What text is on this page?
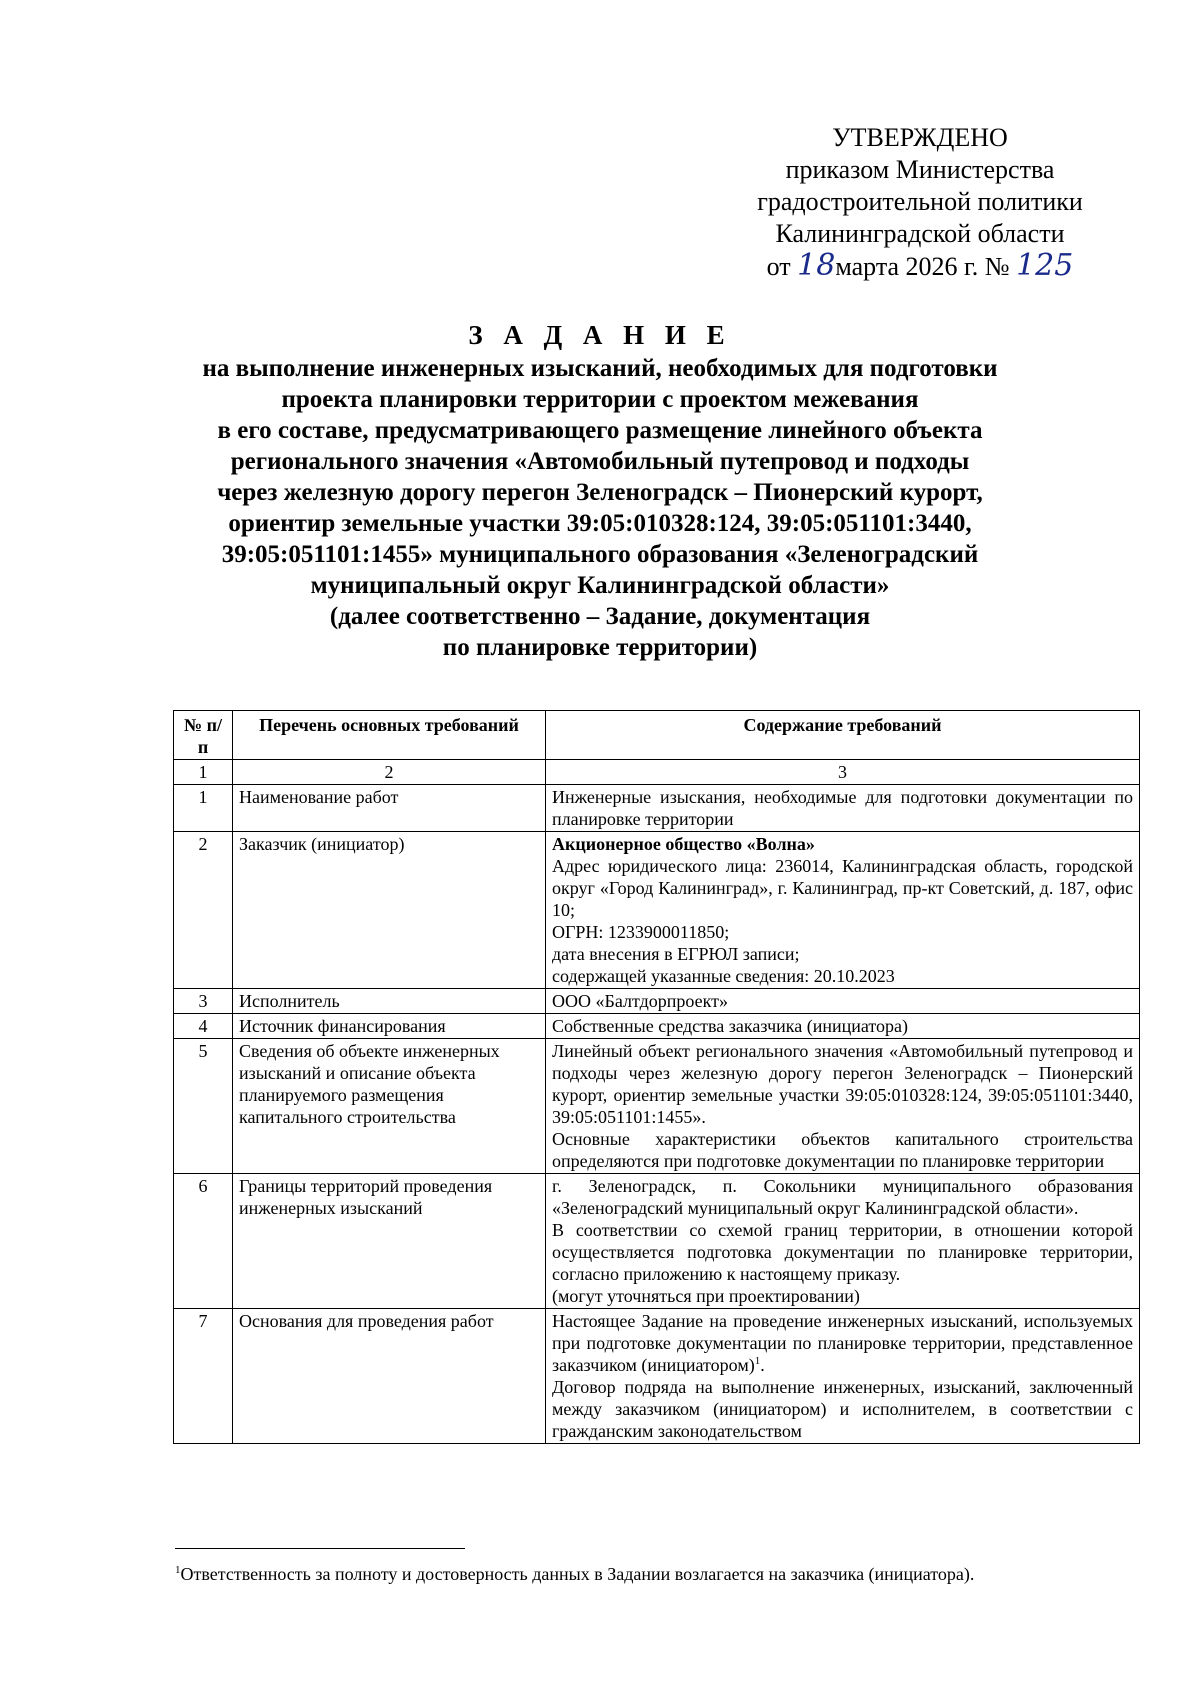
УТВЕРЖДЕНО
приказом Министерства
градостроительной политики
Калининградской области
от 18марта 2026 г. № 125
З А Д А Н И Е
на выполнение инженерных изысканий, необходимых для подготовки
проекта планировки территории с проектом межевания
в его составе, предусматривающего размещение линейного объекта
регионального значения «Автомобильный путепровод и подходы
через железную дорогу перегон Зеленоградск – Пионерский курорт,
ориентир земельные участки 39:05:010328:124, 39:05:051101:3440,
39:05:051101:1455» муниципального образования «Зеленоградский
муниципальный округ Калининградской области»
(далее соответственно – Задание, документация
по планировке территории)
№ п/п	Перечень основных требований	Содержание требований
1	2	3
1	Наименование работ	Инженерные изыскания, необходимые для подготовки документации по планировке территории

2	Заказчик (инициатор)	Акционерное общество «Волна»
Адрес юридического лица: 236014, Калининградская область, городской округ «Город Калининград», г. Калининград, пр-кт Советский, д. 187, офис 10;
ОГРН: 1233900011850;
дата внесения в ЕГРЮЛ записи;
содержащей указанные сведения: 20.10.2023

3	Исполнитель	ООО «Балтдорпроект»

4	Источник финансирования	Собственные средства заказчика (инициатора)

5	Сведения об объекте инженерных изысканий и описание объекта планируемого размещения капитального строительства	Линейный объект регионального значения «Автомобильный путепровод и подходы через железную дорогу перегон Зеленоградск – Пионерский курорт, ориентир земельные участки 39:05:010328:124, 39:05:051101:3440, 39:05:051101:1455».
Основные характеристики объектов капитального строительства определяются при подготовке документации по планировке территории

6	Границы территорий проведения инженерных изысканий	г. Зеленоградск, п. Сокольники муниципального образования «Зеленоградский муниципальный округ Калининградской области».
В соответствии со схемой границ территории, в отношении которой осуществляется подготовка документации по планировке территории, согласно приложению к настоящему приказу.
(могут уточняться при проектировании)

7	Основания для проведения работ	Настоящее Задание на проведение инженерных изысканий, используемых при подготовке документации по планировке территории, представленное заказчиком (инициатором)$^1$.
Договор подряда на выполнение инженерных, изысканий, заключенный между заказчиком (инициатором) и исполнителем, в соответствии с гражданским законодательством
$^1$Ответственность за полноту и достоверность данных в Задании возлагается на заказчика (инициатора).
